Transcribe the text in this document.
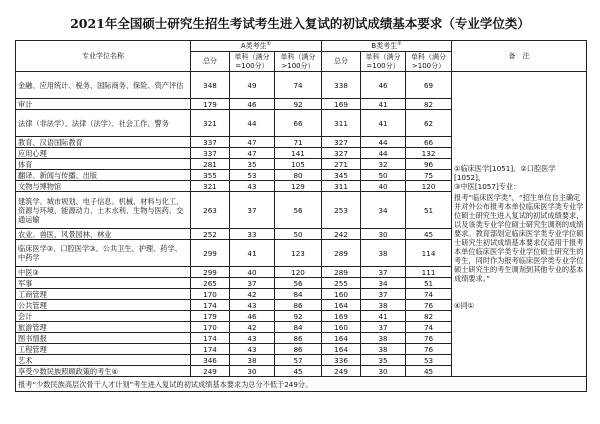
2021年全国硕士研究生招生考试考生进入复试的初试成绩基本要求（专业学位类）
专业学位名称	A类考生①			B类考生②			备　注
	总分	单科（满分=100分）	单科（满分>100分）	总分	单科（满分=100分）	单科（满分>100分）	
金融、应用统计、税务、国际商务、保险、资产评估	348	49	74	338	46	69	①临床医学[1051]、②口腔医学[1052]、

③中医[1057]专业：

报考“临床医学类”，“招生单位自主确定并对外公布报考本单位临床医学类专业学位硕士研究生进入复试的初试成绩要求，以及该类专业学位硕士研究生调剂的成绩要求。教育部划定临床医学类专业学位硕士研究生初试成绩基本要求仅适用于报考本单位临床医学类专业学位硕士研究生的考生，同时作为报考临床医学类专业学位硕士研究生的考生调剂到其他专业的基本成绩要求。”

④同①

审计	179	46	92	169	41	82	
法律（非法学）、法律（法学）、社会工作、警务	321	44	66	311	41	62	
教育、汉语国际教育	337	47	71	327	44	66	
应用心理	337	47	141	327	44	132	
体育	281	35	105	271	32	96	
翻译、新闻与传播、出版	355	53	80	345	50	75	
文物与博物馆	321	43	129	311	40	120	
建筑学、城市规划、电子信息、机械、材料与化工、资源与环境、能源动力、土木水利、生物与医药、交通运输	263	37	56	253	34	51	
农业、兽医、风景园林、林业	252	33	50	242	30	45	
临床医学③、口腔医学③、公共卫生、护理、药学、中药学	299	41	123	289	38	114	
中医③	299	40	120	289	37	111	
军事	265	37	56	255	34	51	
工商管理	170	42	84	160	37	74	
公共管理	174	43	86	164	38	76	
会计	179	46	92	169	41	82	
旅游管理	170	42	84	160	37	74	
图书情报	174	43	86	164	38	76	
工程管理	174	43	86	164	38	76	
艺术	346	38	57	336	35	53	
享受少数民族照顾政策的考生④	249	30	45	249	30	45	
报考“少数民族高层次骨干人才计划”考生进入复试的初试成绩基本要求为总分不低于249分。							
